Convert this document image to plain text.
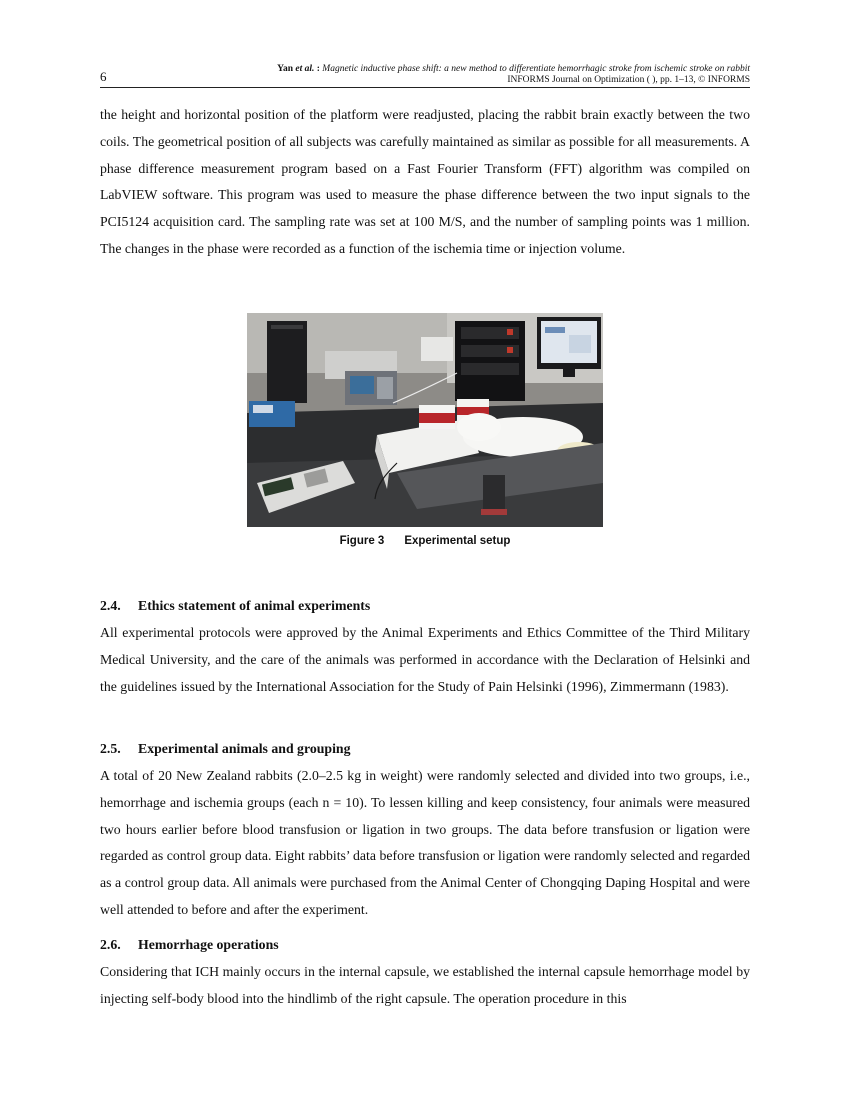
6	Yan et al. : Magnetic inductive phase shift: a new method to differentiate hemorrhagic stroke from ischemic stroke on rabbit
INFORMS Journal on Optimization ( ), pp. 1–13, © INFORMS

the height and horizontal position of the platform were readjusted, placing the rabbit brain exactly between the two coils. The geometrical position of all subjects was carefully maintained as similar as possible for all measurements. A phase difference measurement program based on a Fast Fourier Transform (FFT) algorithm was compiled on LabVIEW software. This program was used to measure the phase difference between the two input signals to the PCI5124 acquisition card. The sampling rate was set at 100 M/S, and the number of sampling points was 1 million. The changes in the phase were recorded as a function of the ischemia time or injection volume.

Figure 3 Experimental setup
2.4. Ethics statement of animal experiments

All experimental protocols were approved by the Animal Experiments and Ethics Committee of the Third Military Medical University, and the care of the animals was performed in accordance with the Declaration of Helsinki and the guidelines issued by the International Association for the Study of Pain Helsinki (1996), Zimmermann (1983).

2.5. Experimental animals and grouping

A total of 20 New Zealand rabbits (2.0–2.5 kg in weight) were randomly selected and divided into two groups, i.e., hemorrhage and ischemia groups (each n = 10). To lessen killing and keep consistency, four animals were measured two hours earlier before blood transfusion or ligation in two groups. The data before transfusion or ligation were regarded as control group data. Eight rabbits’ data before transfusion or ligation were randomly selected and regarded as a control group data. All animals were purchased from the Animal Center of Chongqing Daping Hospital and were well attended to before and after the experiment.

2.6. Hemorrhage operations

Considering that ICH mainly occurs in the internal capsule, we established the internal capsule hemorrhage model by injecting self-body blood into the hindlimb of the right capsule. The operation procedure in this
